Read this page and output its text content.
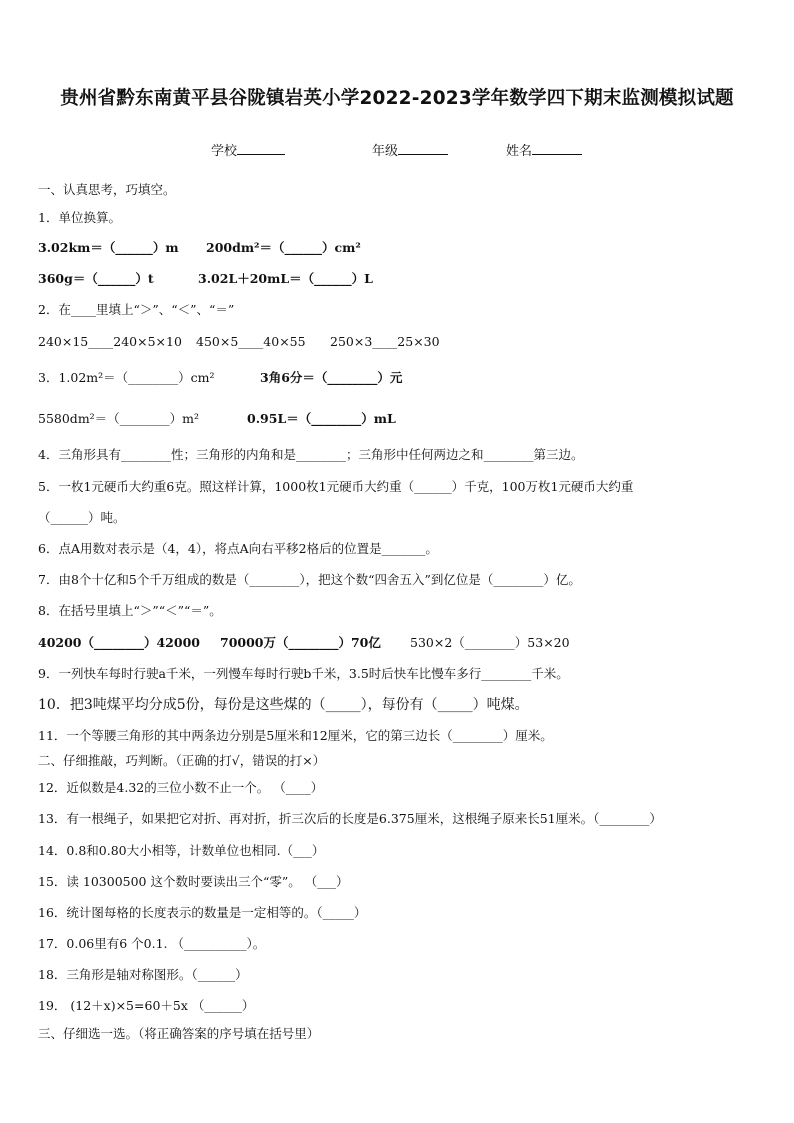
贵州省黔东南黄平县谷陇镇岩英小学2022-2023学年数学四下期末监测模拟试题
学校	年级	姓名
一、认真思考，巧填空。
1．单位换算。
3.02km＝（______）m 200dm²＝（______）cm²
360g＝（______）t	3.02L＋20mL＝（______）L
2．在____里填上“＞”、“＜”、“＝”
240×15____240×5×10 450×5____40×55 250×3____25×30
3．1.02m²＝（________）cm²	3角6分＝（________）元
5580dm²＝（________）m²	0.95L＝（________）mL
4．三角形具有________性；三角形的内角和是________；三角形中任何两边之和________第三边。
5．一枚1元硬币大约重6克。照这样计算，1000枚1元硬币大约重（______）千克，100万枚1元硬币大约重
（______）吨。
6．点A用数对表示是（4，4），将点A向右平移2格后的位置是_______。
7．由8个十亿和5个千万组成的数是（________），把这个数“四舍五入”到亿位是（________）亿。
8．在括号里填上“＞”“＜”“＝”。
40200（________）42000 70000万（________）70亿 530×2（________）53×20
9．一列快车每时行驶a千米，一列慢车每时行驶b千米，3.5时后快车比慢车多行________千米。
10．把3吨煤平均分成5份，每份是这些煤的（_____），每份有（_____）吨煤。
11．一个等腰三角形的其中两条边分别是5厘米和12厘米，它的第三边长（________）厘米。
二、仔细推敲，巧判断。（正确的打√，错误的打×）
12．近似数是4.32的三位小数不止一个。 （____）
13．有一根绳子，如果把它对折、再对折，折三次后的长度是6.375厘米，这根绳子原来长51厘米。（________）
14．0.8和0.80大小相等，计数单位也相同.（___）
15．读 10300500 这个数时要读出三个“零”。 （___）
16．统计图每格的长度表示的数量是一定相等的。（_____）
17．0.06里有6 个0.1. （__________）。
18．三角形是轴对称图形。（______）
19． (12＋x)×5=60＋5x （______）
三、仔细选一选。（将正确答案的序号填在括号里）
